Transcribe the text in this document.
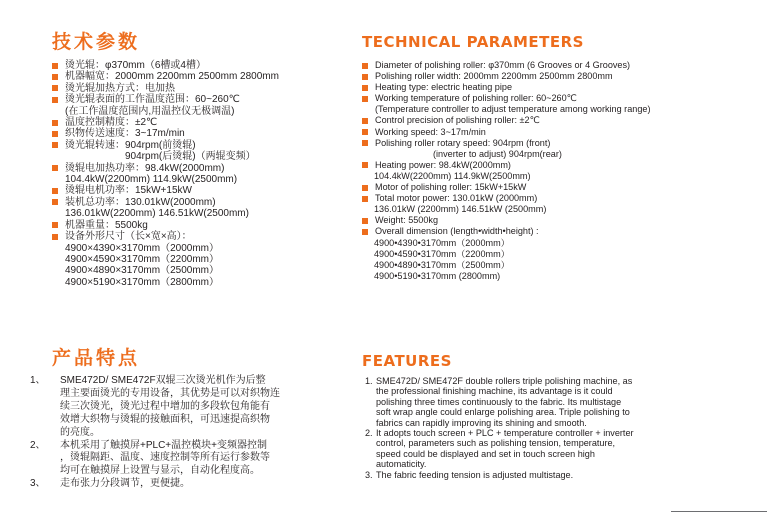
技术参数
烫光辊：φ370mm（6槽或4槽）
机器幅宽：2000mm 2200mm 2500mm 2800mm
烫光辊加热方式：电加热
烫光辊表面的工作温度范围：60~260℃
(在工作温度范围内,用温控仪无极调温)
温度控制精度：±2℃
织物传送速度：3~17m/min
烫光辊转速：904rpm(前烫辊)
904rpm(后烫辊)（两辊变频）
烫辊电加热功率：98.4kW(2000mm)
104.4kW(2200mm) 114.9kW(2500mm)
烫辊电机功率：15kW+15kW
装机总功率：130.01kW(2000mm)
136.01kW(2200mm) 146.51kW(2500mm)
机器重量：5500kg
设备外形尺寸（长×宽×高）：
4900×4390×3170mm（2000mm）
4900×4590×3170mm（2200mm）
4900×4890×3170mm（2500mm）
4900×5190×3170mm（2800mm）
产品特点
1、 SME472D/ SME472F双辊三次烫光机作为后整
理主要面烫光的专用设备，其优势是可以对织物连
续三次烫光，烫光过程中增加的多段软包角能有
效增大织物与烫辊的接触面积，可迅速提高织物
的亮度。
2、 本机采用了触摸屏+PLC+温控模块+变频器控制
，烫辊隔距、温度、速度控制等所有运行参数等
均可在触摸屏上设置与显示，自动化程度高。
3、 走布张力分段调节，更便捷。
TECHNICAL PARAMETERS
Diameter of polishing roller: φ370mm (6 Grooves or 4 Grooves)
Polishing roller width: 2000mm 2200mm 2500mm 2800mm
Heating type: electric heating pipe
Working temperature of polishing roller: 60~260℃
(Temperature controller to adjust temperature among working range)
Control precision of polishing roller: ±2℃
Working speed: 3~17m/min
Polishing roller rotary speed: 904rpm (front)
(inverter to adjust) 904rpm(rear)
Heating power: 98.4kW(2000mm)
104.4kW(2200mm) 114.9kW(2500mm)
Motor of polishing roller: 15kW+15kW
Total motor power: 130.01kW (2000mm)
136.01kW (2200mm) 146.51kW (2500mm)
Weight: 5500kg
Overall dimension (length•width•height) :
4900•4390•3170mm（2000mm）
4900•4590•3170mm（2200mm）
4900•4890•3170mm（2500mm）
4900•5190•3170mm (2800mm)
FEATURES
1. SME472D/ SME472F double rollers triple polishing machine, as
the professional finishing machine, its advantage is it could
polishing three times continuously to the fabric. Its multistage
soft wrap angle could enlarge polishing area. Triple polishing to
fabrics can rapidly improving its shining and smooth.
2. It adopts touch screen + PLC + temperature controller + inverter
control, parameters such as polishing tension, temperature,
speed could be displayed and set in touch screen high
automaticity.
3. The fabric feeding tension is adjusted multistage.
